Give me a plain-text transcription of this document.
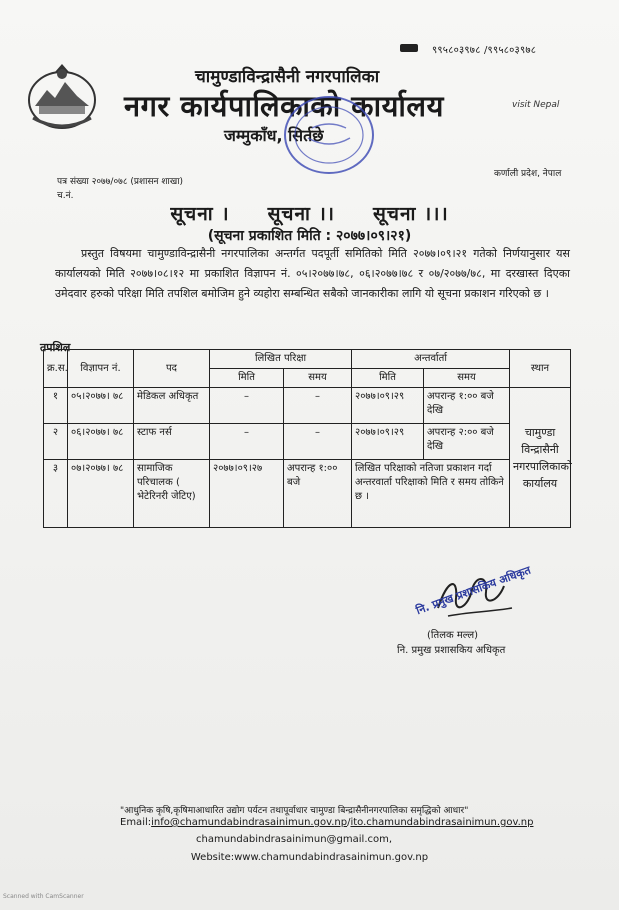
९९५८०३९७८ /९९५८०३९७८
चामुण्डाविन्द्रासैनी नगरपालिका
नगर कार्यपालिकाको कार्यालय
जम्मुकाँध, सिर्तछे
visit Nepal
पत्र संख्या २०७७/०७८ (प्रशासन शाखा)
च.नं.
कर्णाली प्रदेश, नेपाल
सूचना ।     सूचना ।।     सूचना ।।।
(सूचना प्रकाशित मिति : २०७७।०९।२१)
प्रस्तुत विषयमा चामुण्डाविन्द्रासैनी नगरपालिका अन्तर्गत पदपूर्ती समितिको मिति २०७७।०९।२१ गतेको निर्णयानुसार यस कार्यालयको मिति २०७७।०८।१२ मा प्रकाशित विज्ञापन नं. ०५।२०७७।७८, ०६।२०७७।७८ र ०७/२०७७/७८, मा दरखास्त दिएका उमेदवार हरुको परिक्षा मिति तपशिल बमोजिम हुने व्यहोरा सम्बन्धित सबैको जानकारीका लागि यो सूचना प्रकाशन गरिएको छ ।
तपशिल
क्र.स.	विज्ञापन नं.	पद	लिखित परिक्षा		अन्तर्वार्ता		स्थान
			मिति	समय	मिति	समय	
१	०५।२०७७। ७८	मेडिकल अधिकृत	–	–	२०७७।०९।२९	अपरान्ह १:०० बजे देखि	चामुण्डा विन्द्रासैनी नगरपालिकाको कार्यालय
२	०६।२०७७। ७८	स्टाफ नर्स	–	–	२०७७।०९।२९	अपरान्ह २:०० बजे देखि	
३	०७।२०७७। ७८	सामाजिक परिचालक ( भेटेरिनरी जेटिए)	२०७७।०९।२७	अपरान्ह १:०० बजे	लिखित परिक्षाको नतिजा प्रकाशन गर्दा अन्तरवार्ता परिक्षाको मिति र समय तोकिने छ ।		
नि. प्रमुख प्रशासकिय अधिकृत
(तिलक मल्ल)
नि. प्रमुख प्रशासकिय अधिकृत
"आधुनिक कृषि,कृषिमाआधारित उद्योग पर्यटन तथापूर्वाधार चामुण्डा बिन्द्रासैनीनगरपालिका समृद्धिको आधार"
Email:info@chamundabindrasainimun.gov.np/ito.chamundabindrasainimun.gov.np
chamundabindrasainimun@gmail.com,
Website:www.chamundabindrasainimun.gov.np
Scanned with CamScanner
